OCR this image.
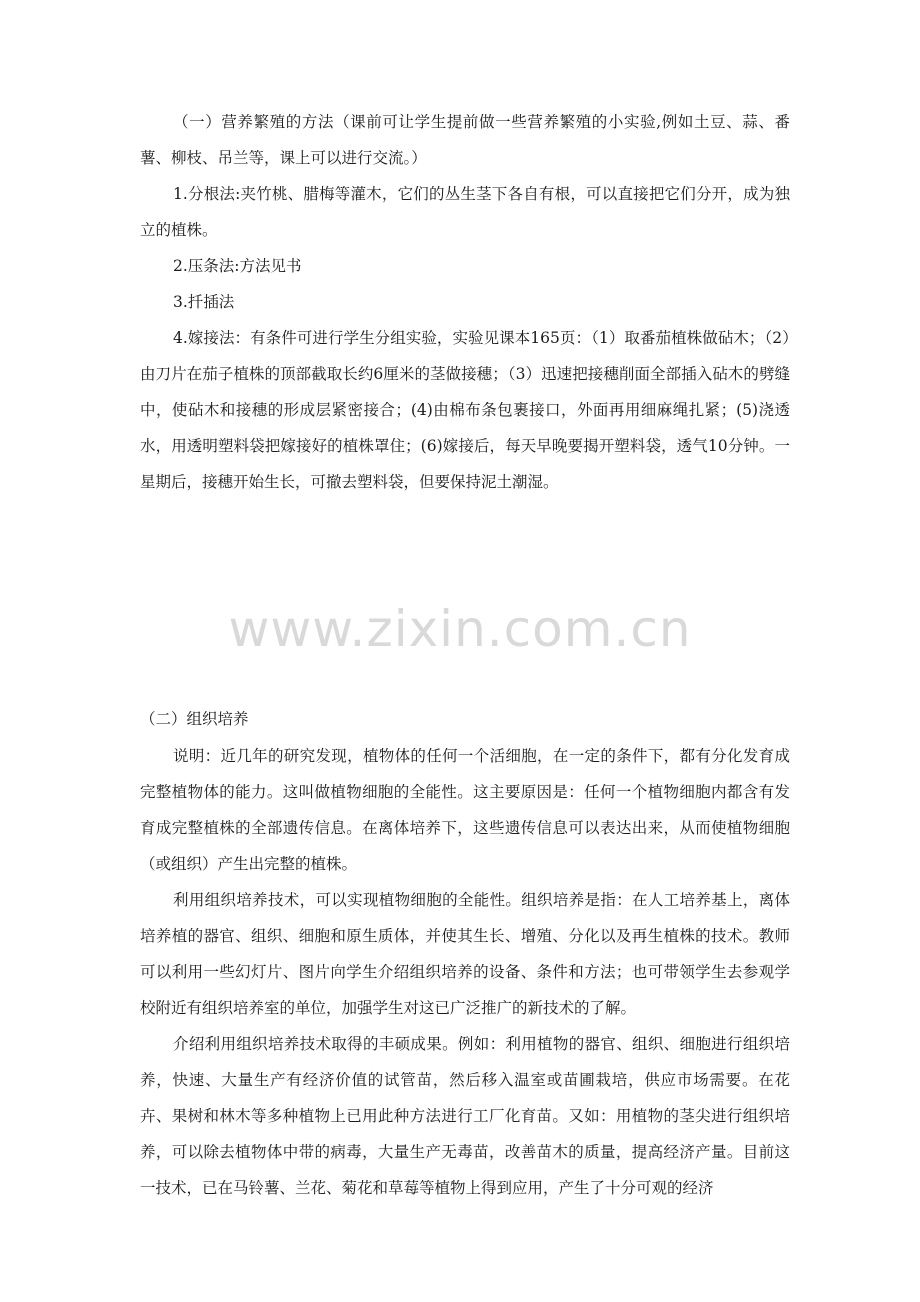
（一）营养繁殖的方法（课前可让学生提前做一些营养繁殖的小实验,例如土豆、蒜、番薯、柳枝、吊兰等，课上可以进行交流。）

1.分根法:夹竹桃、腊梅等灌木，它们的丛生茎下各自有根，可以直接把它们分开，成为独立的植株。

2.压条法:方法见书

3.扦插法

4.嫁接法：有条件可进行学生分组实验，实验见课本165页：（1）取番茄植株做砧木；（2）由刀片在茄子植株的顶部截取长约6厘米的茎做接穗；（3）迅速把接穗削面全部插入砧木的劈缝中，使砧木和接穗的形成层紧密接合；(4)由棉布条包裹接口，外面再用细麻绳扎紧；(5)浇透水，用透明塑料袋把嫁接好的植株罩住；(6)嫁接后，每天早晚要揭开塑料袋，透气10分钟。一星期后，接穗开始生长，可撤去塑料袋，但要保持泥土潮湿。

www.zixin.com.cn

（二）组织培养

说明：近几年的研究发现，植物体的任何一个活细胞，在一定的条件下，都有分化发育成完整植物体的能力。这叫做植物细胞的全能性。这主要原因是：任何一个植物细胞内都含有发育成完整植株的全部遗传信息。在离体培养下，这些遗传信息可以表达出来，从而使植物细胞（或组织）产生出完整的植株。

利用组织培养技术，可以实现植物细胞的全能性。组织培养是指：在人工培养基上，离体培养植的器官、组织、细胞和原生质体，并使其生长、增殖、分化以及再生植株的技术。教师可以利用一些幻灯片、图片向学生介绍组织培养的设备、条件和方法；也可带领学生去参观学校附近有组织培养室的单位，加强学生对这已广泛推广的新技术的了解。

介绍利用组织培养技术取得的丰硕成果。例如：利用植物的器官、组织、细胞进行组织培养，快速、大量生产有经济价值的试管苗，然后移入温室或苗圃栽培，供应市场需要。在花卉、果树和林木等多种植物上已用此种方法进行工厂化育苗。又如：用植物的茎尖进行组织培养，可以除去植物体中带的病毒，大量生产无毒苗，改善苗木的质量，提高经济产量。目前这一技术，已在马铃薯、兰花、菊花和草莓等植物上得到应用，产生了十分可观的经济
